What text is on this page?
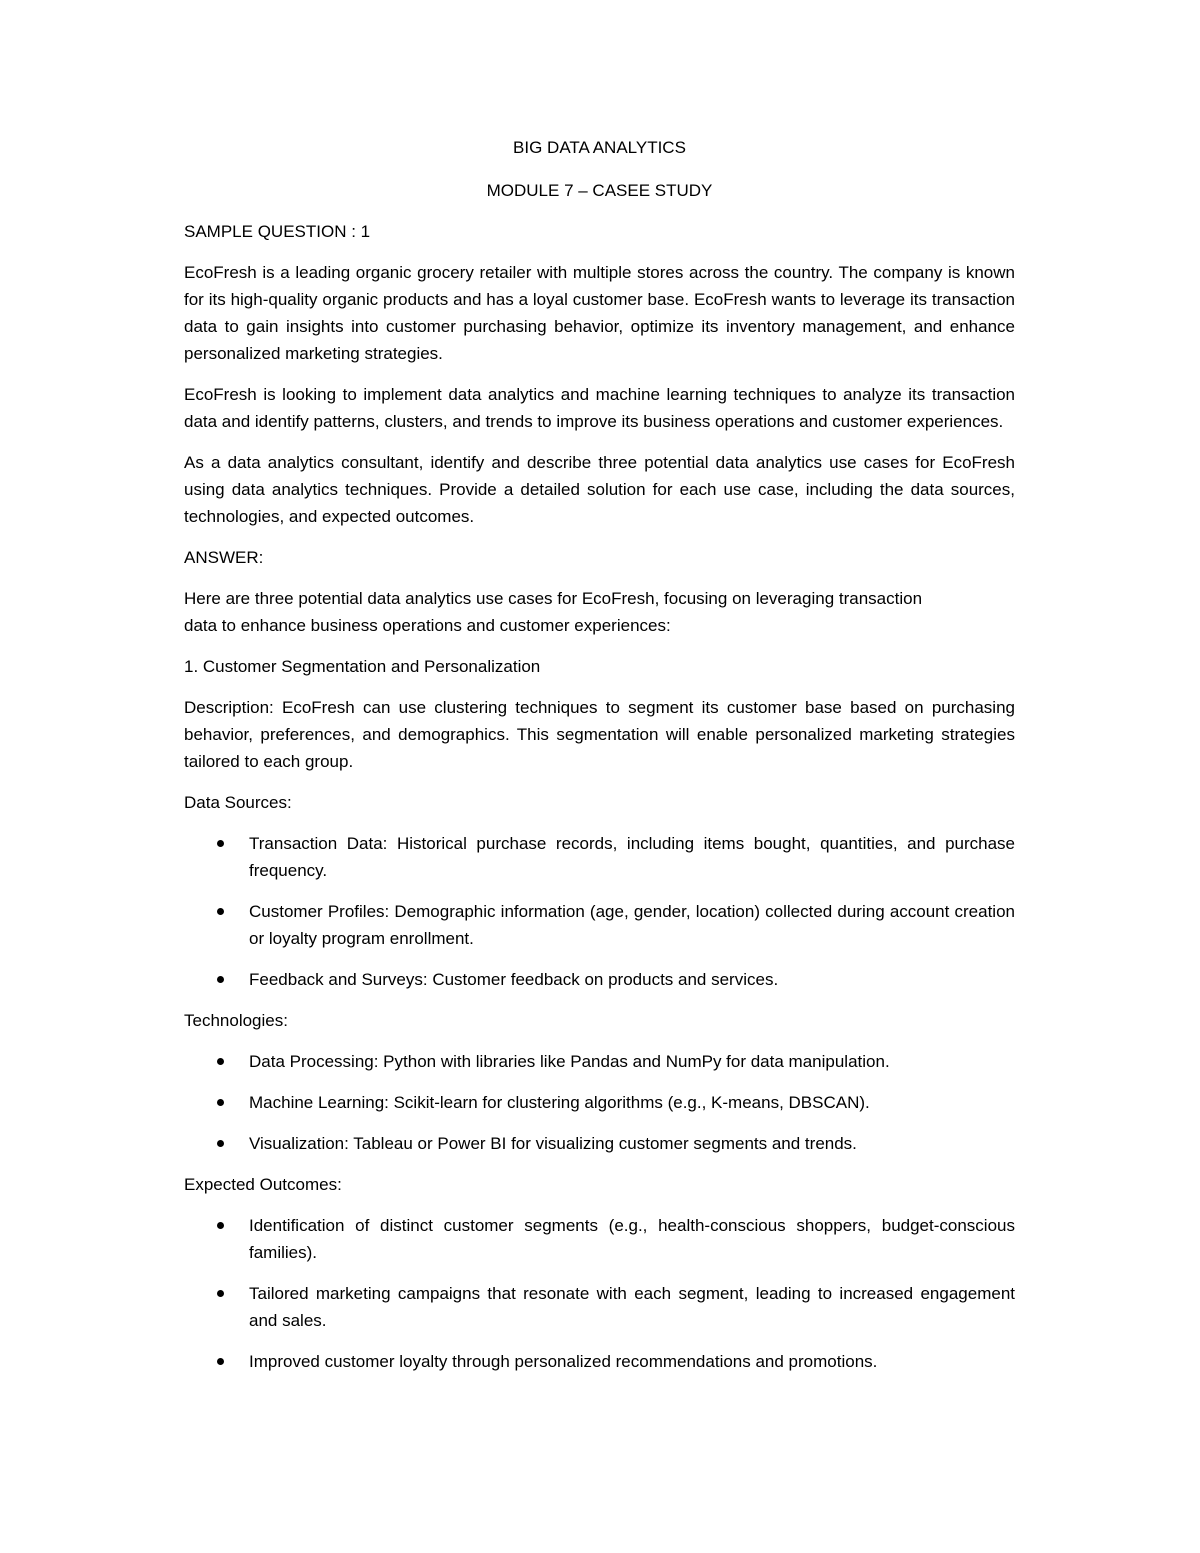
BIG DATA ANALYTICS

MODULE 7 – CASEE STUDY

SAMPLE QUESTION : 1

EcoFresh is a leading organic grocery retailer with multiple stores across the country. The company is known for its high-quality organic products and has a loyal customer base. EcoFresh wants to leverage its transaction data to gain insights into customer purchasing behavior, optimize its inventory management, and enhance personalized marketing strategies.

EcoFresh is looking to implement data analytics and machine learning techniques to analyze its transaction data and identify patterns, clusters, and trends to improve its business operations and customer experiences.

As a data analytics consultant, identify and describe three potential data analytics use cases for EcoFresh using data analytics techniques. Provide a detailed solution for each use case, including the data sources, technologies, and expected outcomes.

ANSWER:

Here are three potential data analytics use cases for EcoFresh, focusing on leveraging transaction
data to enhance business operations and customer experiences:

1. Customer Segmentation and Personalization

Description: EcoFresh can use clustering techniques to segment its customer base based on purchasing behavior, preferences, and demographics. This segmentation will enable personalized marketing strategies tailored to each group.

Data Sources:

Transaction Data: Historical purchase records, including items bought, quantities, and purchase frequency.
Customer Profiles: Demographic information (age, gender, location) collected during account creation or loyalty program enrollment.
Feedback and Surveys: Customer feedback on products and services.

Technologies:

Data Processing: Python with libraries like Pandas and NumPy for data manipulation.
Machine Learning: Scikit-learn for clustering algorithms (e.g., K-means, DBSCAN).
Visualization: Tableau or Power BI for visualizing customer segments and trends.

Expected Outcomes:

Identification of distinct customer segments (e.g., health-conscious shoppers, budget-conscious families).
Tailored marketing campaigns that resonate with each segment, leading to increased engagement and sales.
Improved customer loyalty through personalized recommendations and promotions.
